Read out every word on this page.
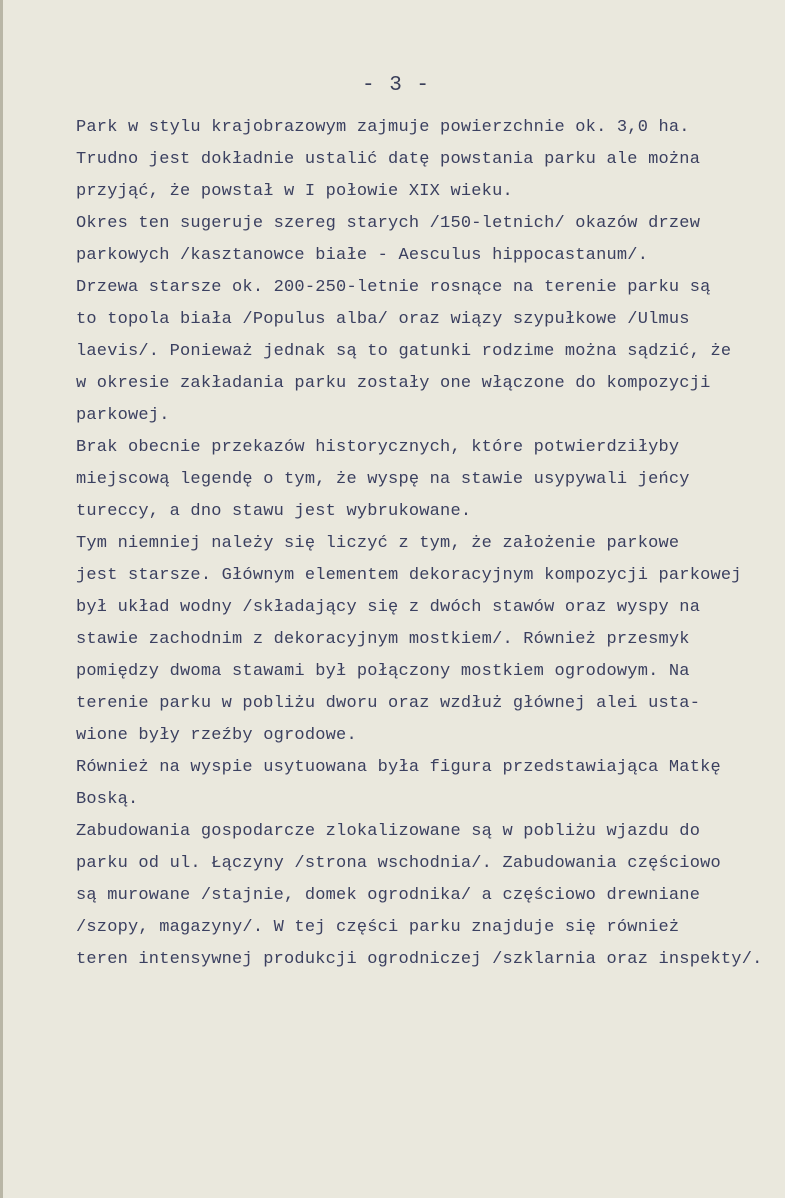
- 3 -
Park w stylu krajobrazowym zajmuje powierzchnie ok. 3,0 ha.
Trudno jest dokładnie ustalić datę powstania parku ale można
przyjąć, że powstał w I połowie XIX wieku.
Okres ten sugeruje szereg starych /150-letnich/ okazów drzew
parkowych /kasztanowce białe - Aesculus hippocastanum/.
Drzewa starsze ok. 200-250-letnie rosnące na terenie parku są
to topola biała /Populus alba/ oraz wiązy szypułkowe /Ulmus
laevis/. Ponieważ jednak są to gatunki rodzime można sądzić, że
w okresie zakładania parku zostały one włączone do kompozycji
parkowej.
Brak obecnie przekazów historycznych, które potwierdziłyby
miejscową legendę o tym, że wyspę na stawie usypywali jeńcy
tureccy, a dno stawu jest wybrukowane.
Tym niemniej należy się liczyć z tym, że założenie parkowe
jest starsze. Głównym elementem dekoracyjnym kompozycji parkowej
był układ wodny /składający się z dwóch stawów oraz wyspy na
stawie zachodnim z dekoracyjnym mostkiem/. Również przesmyk
pomiędzy dwoma stawami był połączony mostkiem ogrodowym. Na
terenie parku w pobliżu dworu oraz wzdłuż głównej alei usta-
wione były rzeźby ogrodowe.
Również na wyspie usytuowana była figura przedstawiająca Matkę
Boską.
Zabudowania gospodarcze zlokalizowane są w pobliżu wjazdu do
parku od ul. Łączyny /strona wschodnia/. Zabudowania częściowo
są murowane /stajnie, domek ogrodnika/ a częściowo drewniane
/szopy, magazyny/. W tej części parku znajduje się również
teren intensywnej produkcji ogrodniczej /szklarnia oraz inspekty/.
